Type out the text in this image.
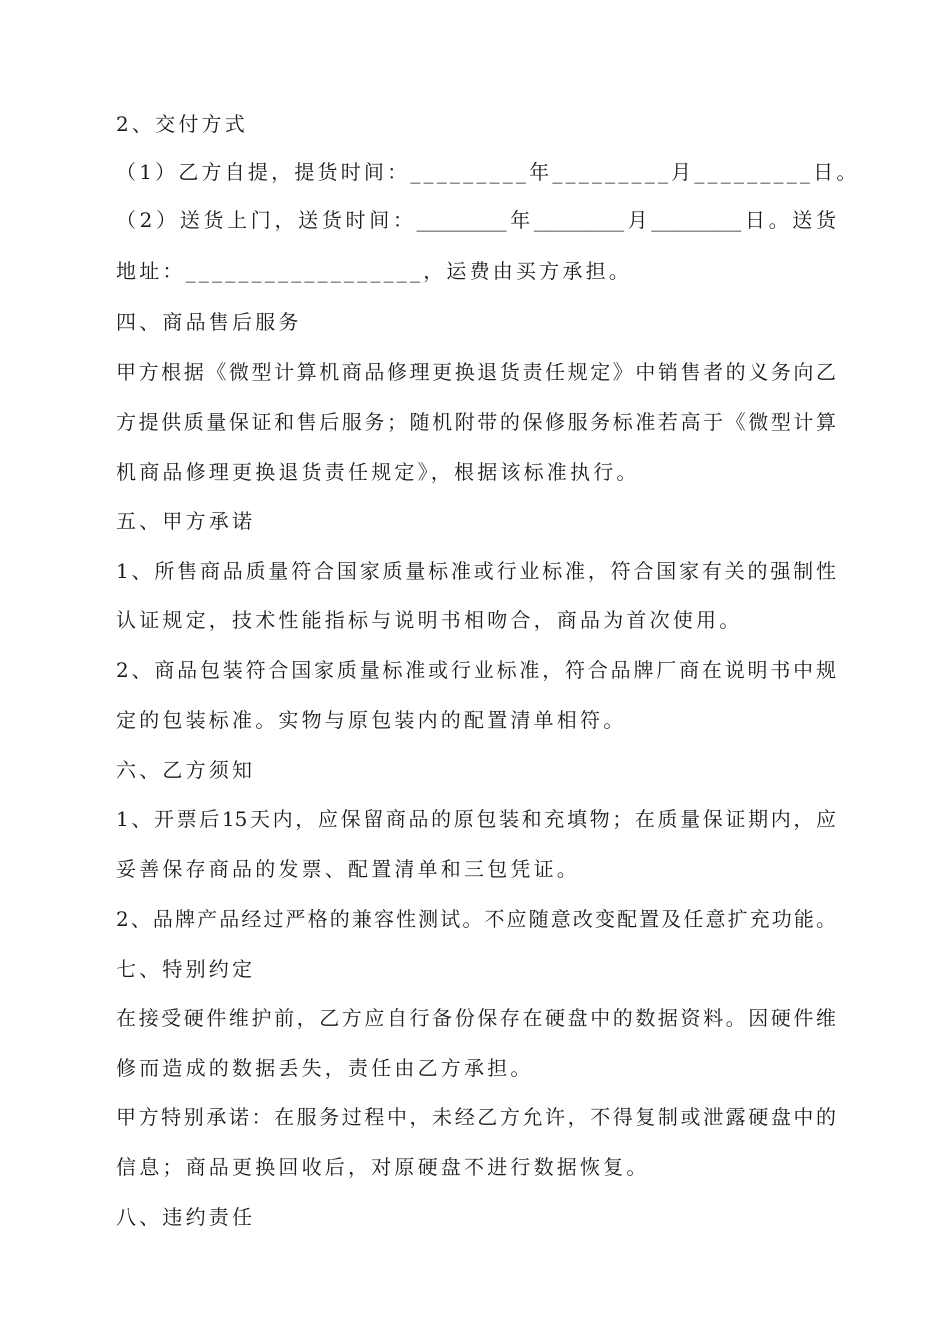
2、交付方式
（1）乙方自提，提货时间：_________年_________月_________日。
（2）送货上门，送货时间：_________年_________月_________日。送货
地址：__________________，运费由买方承担。
四、商品售后服务
甲方根据《微型计算机商品修理更换退货责任规定》中销售者的义务向乙
方提供质量保证和售后服务；随机附带的保修服务标准若高于《微型计算
机商品修理更换退货责任规定》，根据该标准执行。
五、甲方承诺
1、所售商品质量符合国家质量标准或行业标准，符合国家有关的强制性
认证规定，技术性能指标与说明书相吻合，商品为首次使用。
2、商品包装符合国家质量标准或行业标准，符合品牌厂商在说明书中规
定的包装标准。实物与原包装内的配置清单相符。
六、乙方须知
1、开票后15天内，应保留商品的原包装和充填物；在质量保证期内，应
妥善保存商品的发票、配置清单和三包凭证。
2、品牌产品经过严格的兼容性测试。不应随意改变配置及任意扩充功能。
七、特别约定
在接受硬件维护前，乙方应自行备份保存在硬盘中的数据资料。因硬件维
修而造成的数据丢失，责任由乙方承担。
甲方特别承诺：在服务过程中，未经乙方允许，不得复制或泄露硬盘中的
信息；商品更换回收后，对原硬盘不进行数据恢复。
八、违约责任
